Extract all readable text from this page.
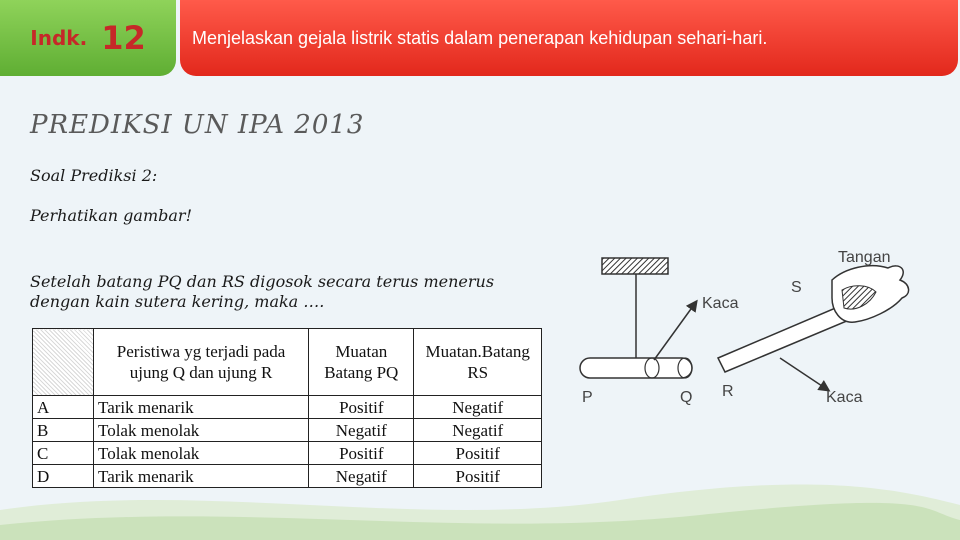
Indk. 12	Menjelaskan gejala listrik statis dalam penerapan kehidupan sehari-hari.
PREDIKSI UN IPA 2013
Soal Prediksi 2:
Perhatikan gambar!
Setelah batang PQ dan RS digosok secara terus menerus dengan kain sutera kering, maka ….
	Peristiwa yg terjadi pada ujung Q dan ujung R	Muatan Batang PQ	Muatan.Batang RS
A	Tarik menarik	Positif	Negatif
B	Tolak menolak	Negatif	Negatif
C	Tolak menolak	Positif	Positif
D	Tarik menarik	Negatif	Positif
Tangan
S
Kaca
P	Q R	Kaca
